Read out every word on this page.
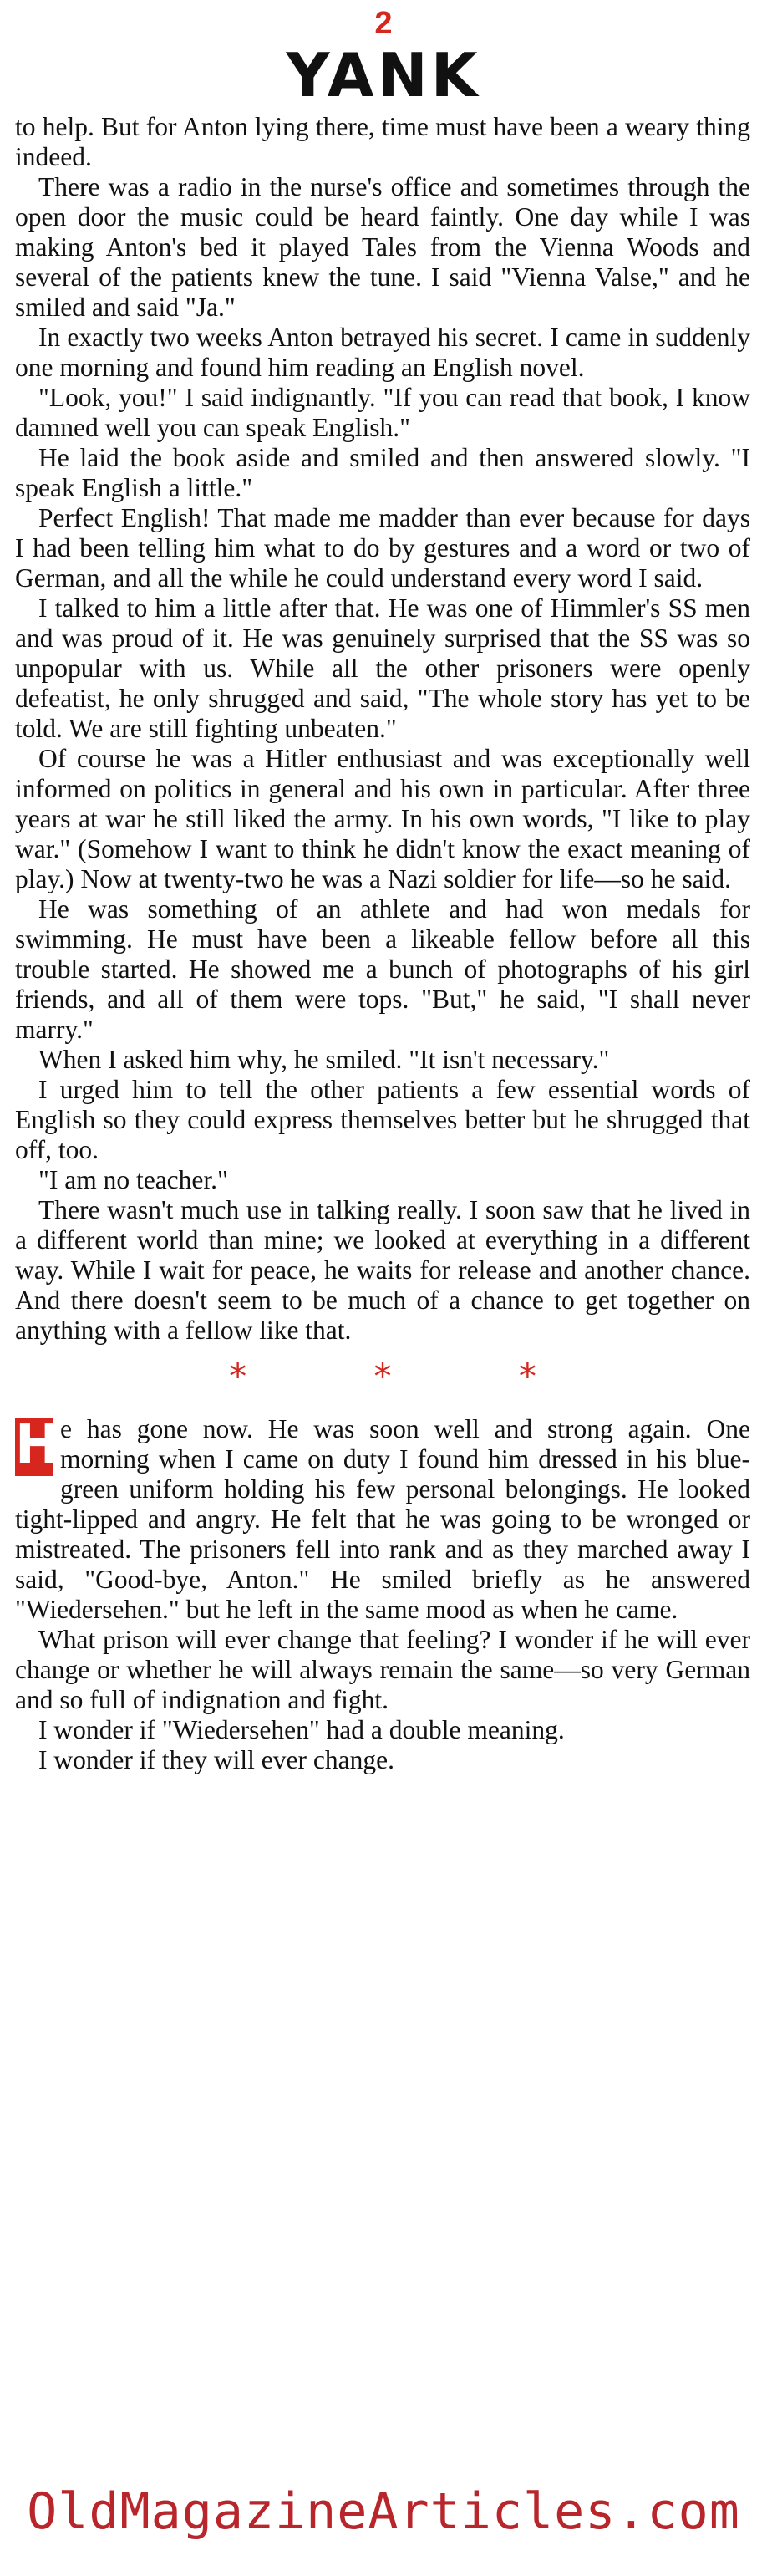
2
YANK

to help. But for Anton lying there, time must have been a weary thing indeed.

There was a radio in the nurse's office and sometimes through the open door the music could be heard faintly. One day while I was making Anton's bed it played Tales from the Vienna Woods and several of the patients knew the tune. I said "Vienna Valse," and he smiled and said "Ja."

In exactly two weeks Anton betrayed his secret. I came in suddenly one morning and found him reading an English novel.

"Look, you!" I said indignantly. "If you can read that book, I know damned well you can speak English."

He laid the book aside and smiled and then answered slowly. "I speak English a little."

Perfect English! That made me madder than ever because for days I had been telling him what to do by gestures and a word or two of German, and all the while he could understand every word I said.

I talked to him a little after that. He was one of Himmler's SS men and was proud of it. He was genuinely surprised that the SS was so unpopular with us. While all the other prisoners were openly defeatist, he only shrugged and said, "The whole story has yet to be told. We are still fighting unbeaten."

Of course he was a Hitler enthusiast and was exceptionally well informed on politics in general and his own in particular. After three years at war he still liked the army. In his own words, "I like to play war." (Somehow I want to think he didn't know the exact meaning of play.) Now at twenty-two he was a Nazi soldier for life—so he said.

He was something of an athlete and had won medals for swimming. He must have been a likeable fellow before all this trouble started. He showed me a bunch of photographs of his girl friends, and all of them were tops. "But," he said, "I shall never marry."

When I asked him why, he smiled. "It isn't necessary."

I urged him to tell the other patients a few essential words of English so they could express themselves better but he shrugged that off, too.

"I am no teacher."

There wasn't much use in talking really. I soon saw that he lived in a different world than mine; we looked at everything in a different way. While I wait for peace, he waits for release and another chance. And there doesn't seem to be much of a chance to get together on anything with a fellow like that.

*	*	*

H e has gone now. He was soon well and strong again. One morning when I came on duty I found him dressed in his blue-green uniform holding his few personal belongings. He looked tight-lipped and angry. He felt that he was going to be wronged or mistreated. The prisoners fell into rank and as they marched away I said, "Good-bye, Anton." He smiled briefly as he answered "Wiedersehen." but he left in the same mood as when he came.

What prison will ever change that feeling? I wonder if he will ever change or whether he will always remain the same—so very German and so full of indignation and fight.

I wonder if "Wiedersehen" had a double meaning.

I wonder if they will ever change.

OldMagazineArticles.com
